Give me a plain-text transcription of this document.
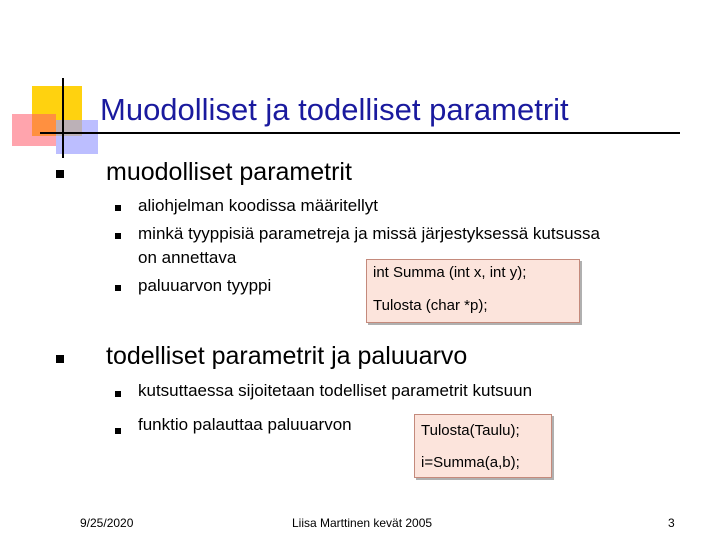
Muodolliset ja todelliset parametrit
muodolliset parametrit
aliohjelman koodissa määritellyt
minkä tyyppisiä parametreja ja missä järjestyksessä kutsussa
on annettava
paluuarvon tyyppi
int Summa (int x, int y);
Tulosta (char *p);
todelliset parametrit ja paluuarvo
kutsuttaessa sijoitetaan todelliset parametrit kutsuun
funktio palauttaa paluuarvon	Tulosta(Taulu);
i=Summa(a,b);
9/25/2020	Liisa Marttinen kevät 2005	3
